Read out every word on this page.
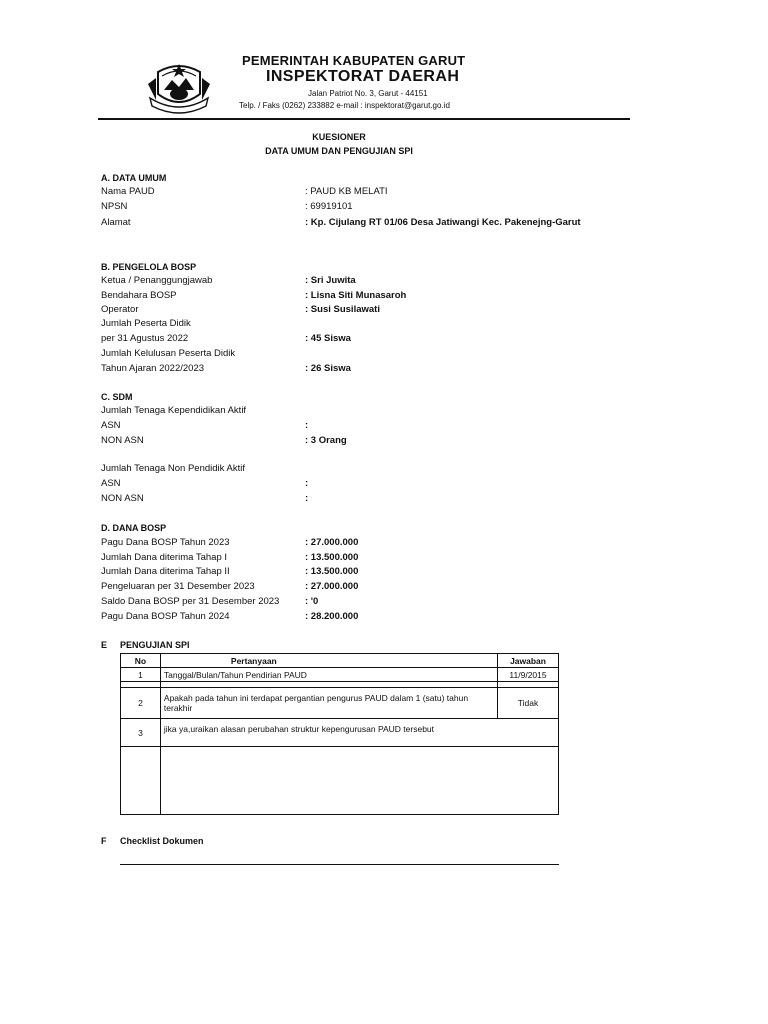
PEMERINTAH KABUPATEN GARUT
INSPEKTORAT DAERAH
Jalan Patriot No. 3, Garut - 44151
Telp. / Faks (0262) 233882 e-mail : inspektorat@garut.go.id
KUESIONER
DATA UMUM DAN PENGUJIAN SPI
A. DATA UMUM
Nama PAUD	: PAUD KB MELATI
NPSN	: 69919101
Alamat	: Kp. Cijulang RT 01/06 Desa Jatiwangi Kec. Pakenejng-Garut
B. PENGELOLA BOSP
Ketua / Penanggungjawab	: Sri Juwita
Bendahara BOSP	: Lisna Siti Munasaroh
Operator	: Susi Susilawati
Jumlah Peserta Didik
per 31 Agustus 2022	: 45 Siswa
Jumlah Kelulusan Peserta Didik
Tahun Ajaran 2022/2023	: 26 Siswa
C. SDM
Jumlah Tenaga Kependidikan Aktif
ASN	:
NON ASN	: 3 Orang
Jumlah Tenaga Non Pendidik Aktif
ASN	:
NON ASN	:
D. DANA BOSP
Pagu Dana BOSP Tahun 2023	: 27.000.000
Jumlah Dana diterima Tahap I	: 13.500.000
Jumlah Dana diterima Tahap II	: 13.500.000
Pengeluaran per 31 Desember 2023	: 27.000.000
Saldo Dana BOSP per 31 Desember 2023	: '0
Pagu Dana BOSP Tahun 2024	: 28.200.000
E PENGUJIAN SPI
No	Pertanyaan	Jawaban
1	Tanggal/Bulan/Tahun Pendirian PAUD	11/9/2015

2	Apakah pada tahun ini terdapat pergantian pengurus PAUD dalam 1 (satu) tahun terakhir	Tidak
3	jika ya,uraikan alasan perubahan struktur kepengurusan PAUD tersebut	

F Checklist Dokumen
